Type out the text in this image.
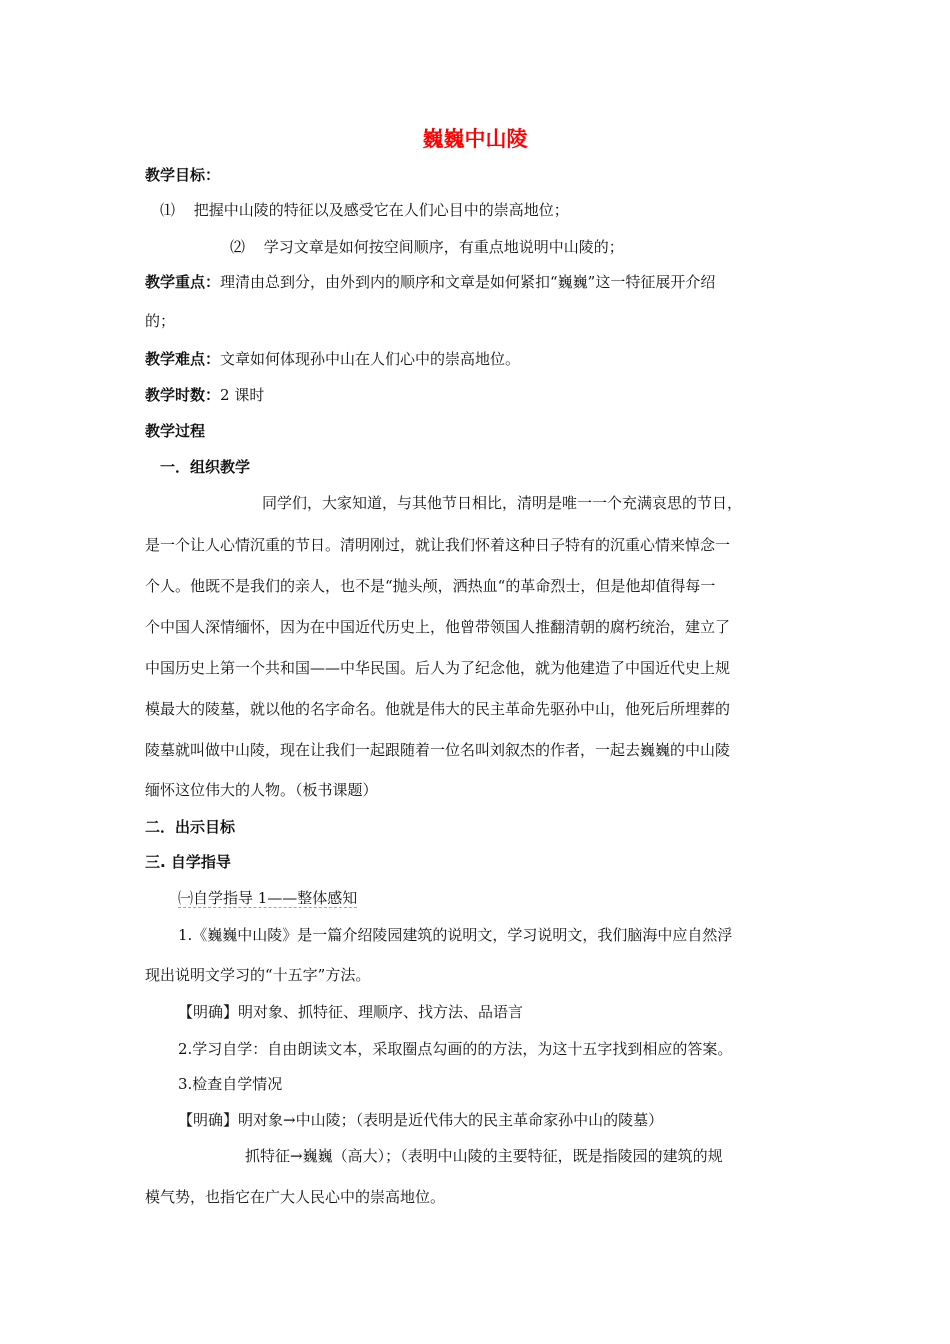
巍巍中山陵
教学目标：
⑴ 把握中山陵的特征以及感受它在人们心目中的崇高地位；
⑵ 学习文章是如何按空间顺序，有重点地说明中山陵的；
教学重点：理清由总到分，由外到内的顺序和文章是如何紧扣“巍巍”这一特征展开介绍
的；
教学难点：文章如何体现孙中山在人们心中的崇高地位。
教学时数：2 课时
教学过程
一．组织教学
同学们，大家知道，与其他节日相比，清明是唯一一个充满哀思的节日，
是一个让人心情沉重的节日。清明刚过，就让我们怀着这种日子特有的沉重心情来悼念一
个人。他既不是我们的亲人，也不是“抛头颅，洒热血“的革命烈士，但是他却值得每一
个中国人深情缅怀，因为在中国近代历史上，他曾带领国人推翻清朝的腐朽统治，建立了
中国历史上第一个共和国——中华民国。后人为了纪念他，就为他建造了中国近代史上规
模最大的陵墓，就以他的名字命名。他就是伟大的民主革命先驱孙中山，他死后所埋葬的
陵墓就叫做中山陵，现在让我们一起跟随着一位名叫刘叙杰的作者，一起去巍巍的中山陵
缅怀这位伟大的人物。（板书课题）
二．出示目标
三. 自学指导
㈠自学指导 1——整体感知
1.《巍巍中山陵》是一篇介绍陵园建筑的说明文，学习说明文，我们脑海中应自然浮
现出说明文学习的“十五字”方法。
【明确】明对象、抓特征、理顺序、找方法、品语言
2.学习自学：自由朗读文本，采取圈点勾画的的方法，为这十五字找到相应的答案。
3.检查自学情况
【明确】明对象→中山陵；（表明是近代伟大的民主革命家孙中山的陵墓）
抓特征→巍巍（高大）；（表明中山陵的主要特征，既是指陵园的建筑的规
模气势，也指它在广大人民心中的崇高地位。
